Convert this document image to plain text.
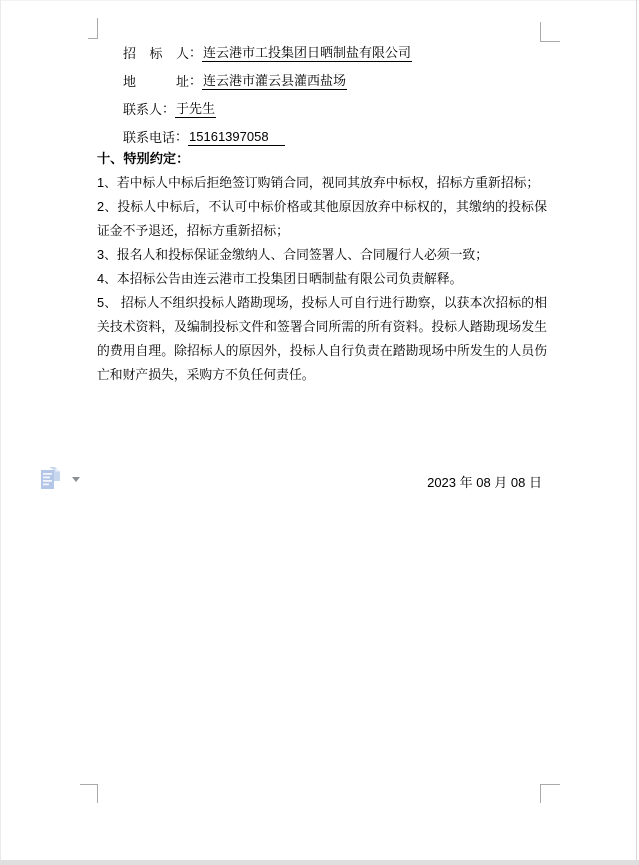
招标人：连云港市工投集团日晒制盐有限公司

地址：连云港市灌云县灌西盐场

联系人：于先生

联系电话：15161397058

十、特别约定：

1、若中标人中标后拒绝签订购销合同，视同其放弃中标权，招标方重新招标；

2、投标人中标后，不认可中标价格或其他原因放弃中标权的，其缴纳的投标保证金不予退还，招标方重新招标；

3、报名人和投标保证金缴纳人、合同签署人、合同履行人必须一致；

4、本招标公告由连云港市工投集团日晒制盐有限公司负责解释。

5、 招标人不组织投标人踏勘现场，投标人可自行进行勘察，以获本次招标的相关技术资料，及编制投标文件和签署合同所需的所有资料。投标人踏勘现场发生的费用自理。除招标人的原因外，投标人自行负责在踏勘现场中所发生的人员伤亡和财产损失，采购方不负任何责任。

2023 年 08 月 08 日
